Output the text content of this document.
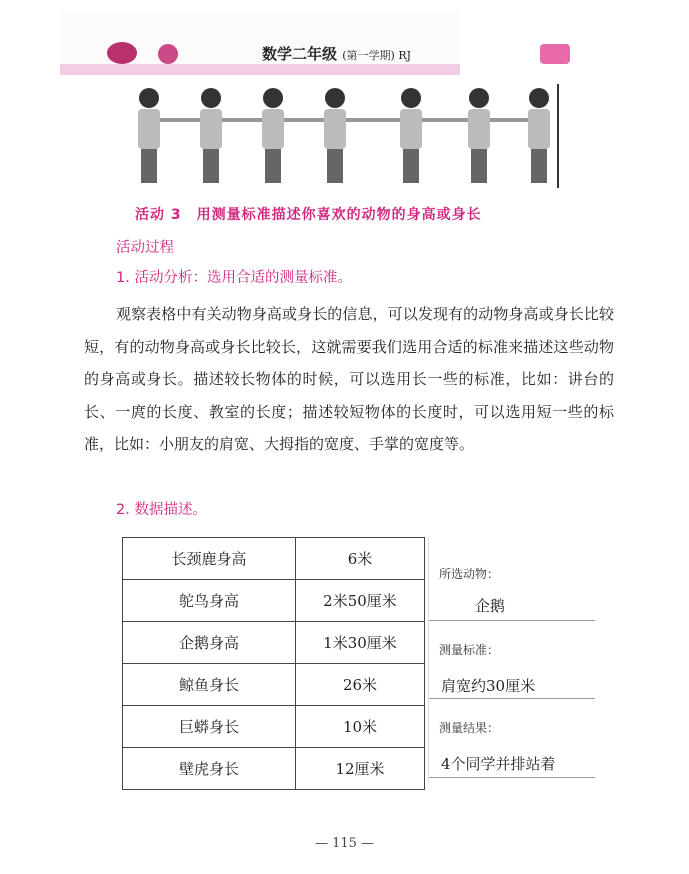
数学二年级 (第一学期) RJ
活动 3　用测量标准描述你喜欢的动物的身高或身长
活动过程
1. 活动分析：选用合适的测量标准。
观察表格中有关动物身高或身长的信息，可以发现有的动物身高或身长比较短，有的动物身高或身长比较长，这就需要我们选用合适的标准来描述这些动物的身高或身长。描述较长物体的时候，可以选用长一些的标准，比如：讲台的长、一庹的长度、教室的长度；描述较短物体的长度时，可以选用短一些的标准，比如：小朋友的肩宽、大拇指的宽度、手掌的宽度等。
2. 数据描述。
长颈鹿身高	6米
鸵鸟身高	2米50厘米
企鹅身高	1米30厘米
鲸鱼身长	26米
巨蟒身长	10米
壁虎身长	12厘米
所选动物：
企鹅
测量标准：
肩宽约30厘米
测量结果：
4个同学并排站着
— 115 —
